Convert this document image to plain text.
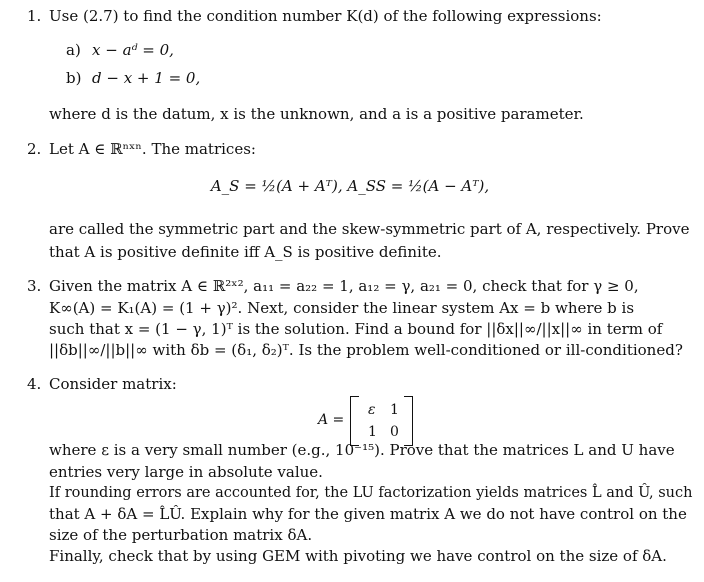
1. Use (2.7) to find the condition number K(d) of the following expressions:
a) x − aᵈ = 0,
b) d − x + 1 = 0,
where d is the datum, x is the unknown, and a is a positive parameter.
2. Let A ∈ ℝⁿˣⁿ. The matrices:
A_S = ½(A + Aᵀ), A_SS = ½(A − Aᵀ),
are called the symmetric part and the skew-symmetric part of A, respectively. Prove
that A is positive definite iff A_S is positive definite.
3. Given the matrix A ∈ ℝ²ˣ², a₁₁ = a₂₂ = 1, a₁₂ = γ, a₂₁ = 0, check that for γ ≥ 0,
K∞(A) = K₁(A) = (1 + γ)². Next, consider the linear system Ax = b where b is
such that x = (1 − γ, 1)ᵀ is the solution. Find a bound for ||δx||∞/||x||∞ in term of
||δb||∞/||b||∞ with δb = (δ₁, δ₂)ᵀ. Is the problem well-conditioned or ill-conditioned?
4. Consider matrix:
A =
ε 1
1 0
where ε is a very small number (e.g., 10⁻¹⁵). Prove that the matrices L and U have
entries very large in absolute value.
If rounding errors are accounted for, the LU factorization yields matrices L̂ and Û, such
that A + δA = L̂Û. Explain why for the given matrix A we do not have control on the
size of the perturbation matrix δA.
Finally, check that by using GEM with pivoting we have control on the size of δA.
